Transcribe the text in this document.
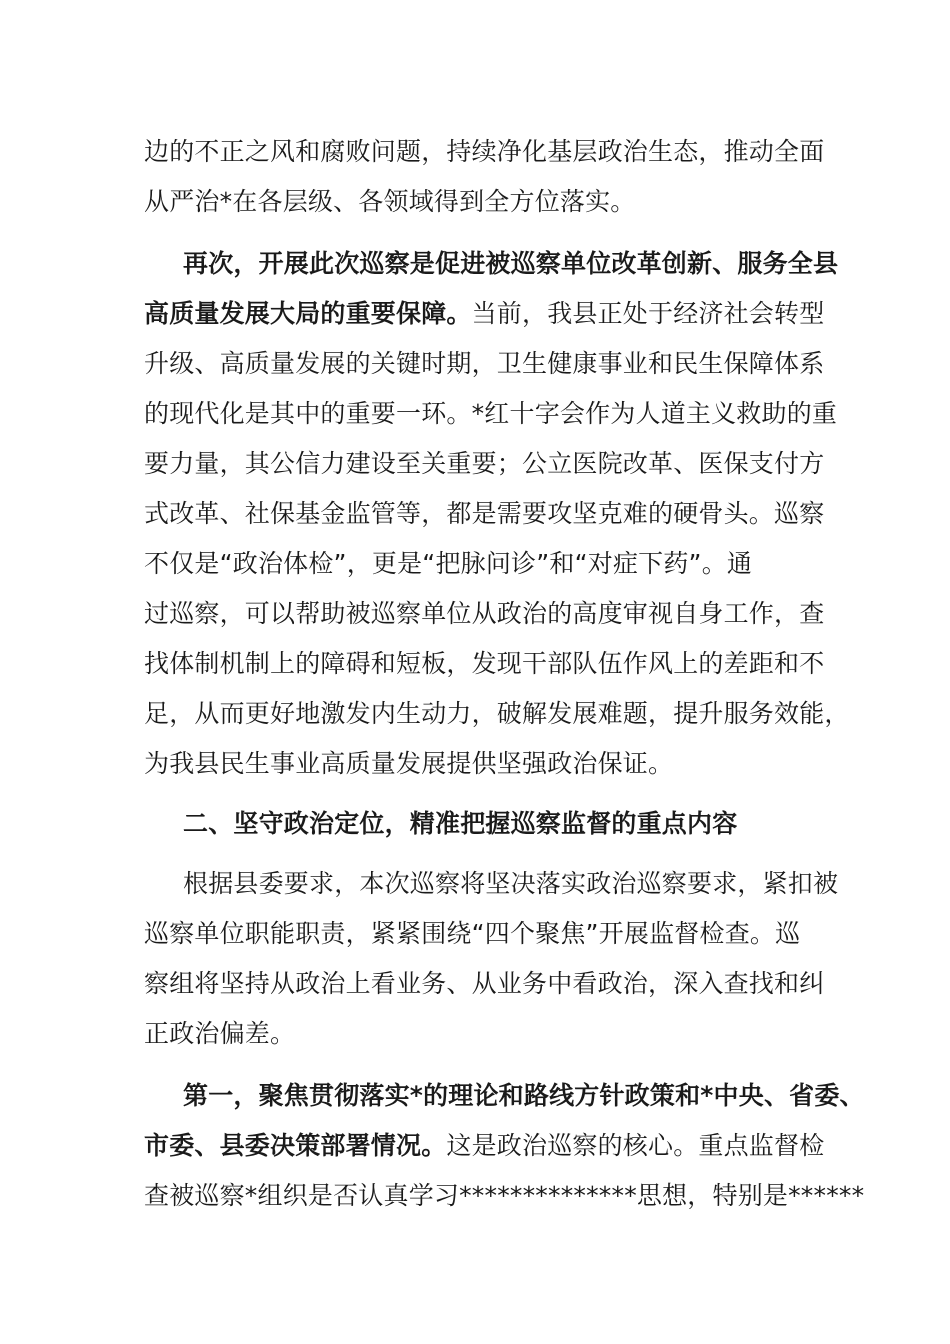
边的不正之风和腐败问题，持续净化基层政治生态，推动全面

从严治*在各层级、各领域得到全方位落实。

再次，开展此次巡察是促进被巡察单位改革创新、服务全县

高质量发展大局的重要保障。当前，我县正处于经济社会转型

升级、高质量发展的关键时期，卫生健康事业和民生保障体系

的现代化是其中的重要一环。*红十字会作为人道主义救助的重

要力量，其公信力建设至关重要；公立医院改革、医保支付方

式改革、社保基金监管等，都是需要攻坚克难的硬骨头。巡察

不仅是“政治体检”，更是“把脉问诊”和“对症下药”。通

过巡察，可以帮助被巡察单位从政治的高度审视自身工作，查

找体制机制上的障碍和短板，发现干部队伍作风上的差距和不

足，从而更好地激发内生动力，破解发展难题，提升服务效能，

为我县民生事业高质量发展提供坚强政治保证。

二、坚守政治定位，精准把握巡察监督的重点内容

根据县委要求，本次巡察将坚决落实政治巡察要求，紧扣被

巡察单位职能职责，紧紧围绕“四个聚焦”开展监督检查。巡

察组将坚持从政治上看业务、从业务中看政治，深入查找和纠

正政治偏差。

第一，聚焦贯彻落实*的理论和路线方针政策和*中央、省委、

市委、县委决策部署情况。这是政治巡察的核心。重点监督检

查被巡察*组织是否认真学习**************思想，特别是******
